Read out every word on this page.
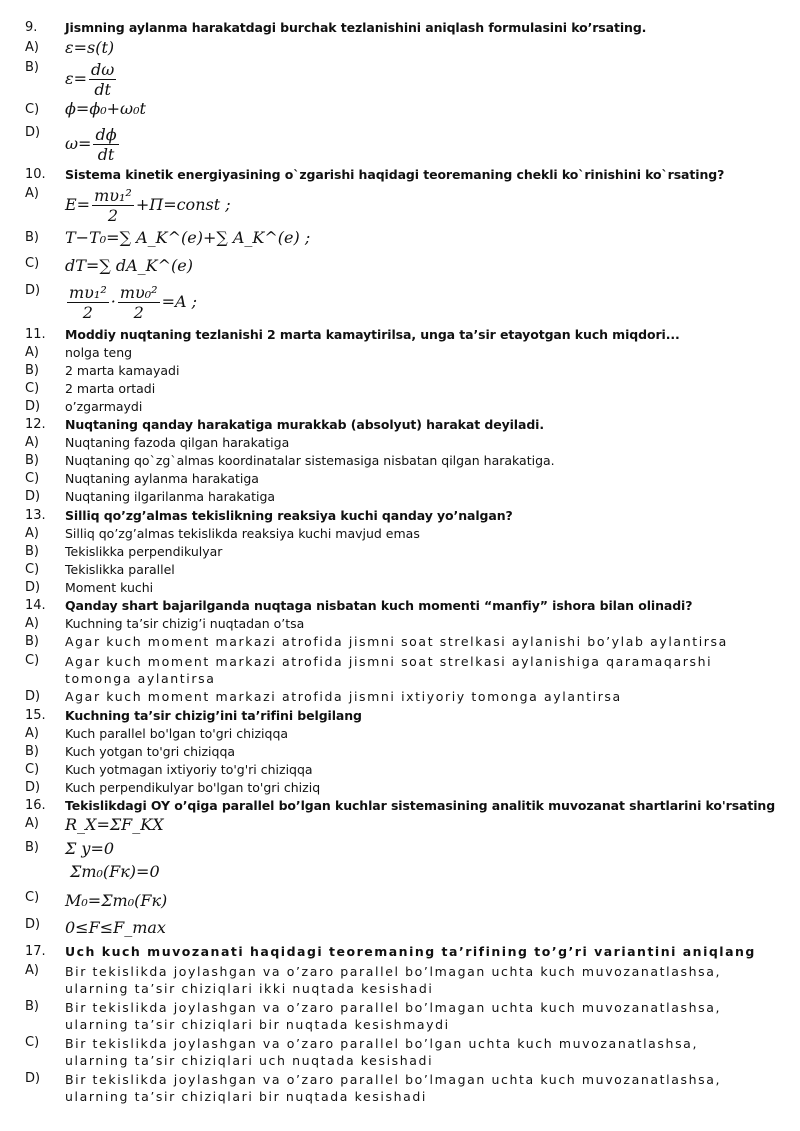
9. Jismning aylanma harakatdagi burchak tezlanishini aniqlash formulasini ko’rsating.
A) ε=s(t)
B)
$\varepsilon= \frac{d\omega}{dt}$
C) ϕ=ϕ₀+ω₀t
D)
$\omega= \frac{d\phi}{dt}$
10. Sistema kinetik energiyasining o`zgarishi haqidagi teoremaning chekli ko`rinishini ko`rsating?
A)
$E= \frac{\text{mυ₁²}}{2}$ +Π=const ;
B) T−T₀=∑ A_K^(e)+∑ A_K^(e) ;
C) dT=∑ dA_K^(e)
$D) \frac{\text{mυ₁²}}{2} \cdot \frac{\text{mυ₀²}}{2} =A$ ;
11. Moddiy nuqtaning tezlanishi 2 marta kamaytirilsa, unga ta’sir etayotgan kuch miqdori...
A) nolga teng
B) 2 marta kamayadi
C) 2 marta ortadi
D) o’zgarmaydi
12. Nuqtaning qanday harakatiga murakkab (absolyut) harakat deyiladi.
A) Nuqtaning fazoda qilgan harakatiga
B) Nuqtaning qo`zg`almas koordinatalar sistemasiga nisbatan qilgan harakatiga.
C) Nuqtaning aylanma harakatiga
D) Nuqtaning ilgarilanma harakatiga
13. Silliq qo’zg’almas tekislikning reaksiya kuchi qanday yo’nalgan?
A) Silliq qo’zg’almas tekislikda reaksiya kuchi mavjud emas
B) Tekislikka perpendikulyar
C) Tekislikka parallel
D) Moment kuchi
14. Qanday shart bajarilganda nuqtaga nisbatan kuch momenti “manfiy” ishora bilan olinadi?
A) Kuchning ta’sir chizig’i nuqtadan o’tsa
B) Agar kuch moment markazi atrofida jismni soat strelkasi aylanishi bo’ylab aylantirsa
C) Agar kuch moment markazi atrofida jismni soat strelkasi aylanishiga qaramaqarshi tomonga aylantirsa
D) Agar kuch moment markazi atrofida jismni ixtiyoriy tomonga aylantirsa
15. Kuchning ta’sir chizig’ini ta’rifini belgilang
A) Kuch parallel bo'lgan to'gri chiziqqa
B) Kuch yotgan to'gri chiziqqa
C) Kuch yotmagan ixtiyoriy to'g'ri chiziqqa
D) Kuch perpendikulyar bo'lgan to'gri chiziq
16. Tekislikdagi OY o’qiga parallel bo’lgan kuchlar sistemasining analitik muvozanat shartlarini ko'rsating
A) R_X=ΣF_KX
B) Σ y=0
Σm₀(Fк)=0
C) M₀=Σm₀(Fк)
D) 0≤F≤F_max
17. Uch kuch muvozanati haqidagi teoremaning ta’rifining to’g’ri variantini aniqlang
A) Bir tekislikda joylashgan va o’zaro parallel bo’lmagan uchta kuch muvozanatlashsa, ularning ta’sir chiziqlari ikki nuqtada kesishadi
B) Bir tekislikda joylashgan va o’zaro parallel bo’lmagan uchta kuch muvozanatlashsa, ularning ta’sir chiziqlari bir nuqtada kesishmaydi
C) Bir tekislikda joylashgan va o’zaro parallel bo’lgan uchta kuch muvozanatlashsa, ularning ta’sir chiziqlari uch nuqtada kesishadi
D) Bir tekislikda joylashgan va o’zaro parallel bo’lmagan uchta kuch muvozanatlashsa, ularning ta’sir chiziqlari bir nuqtada kesishadi
